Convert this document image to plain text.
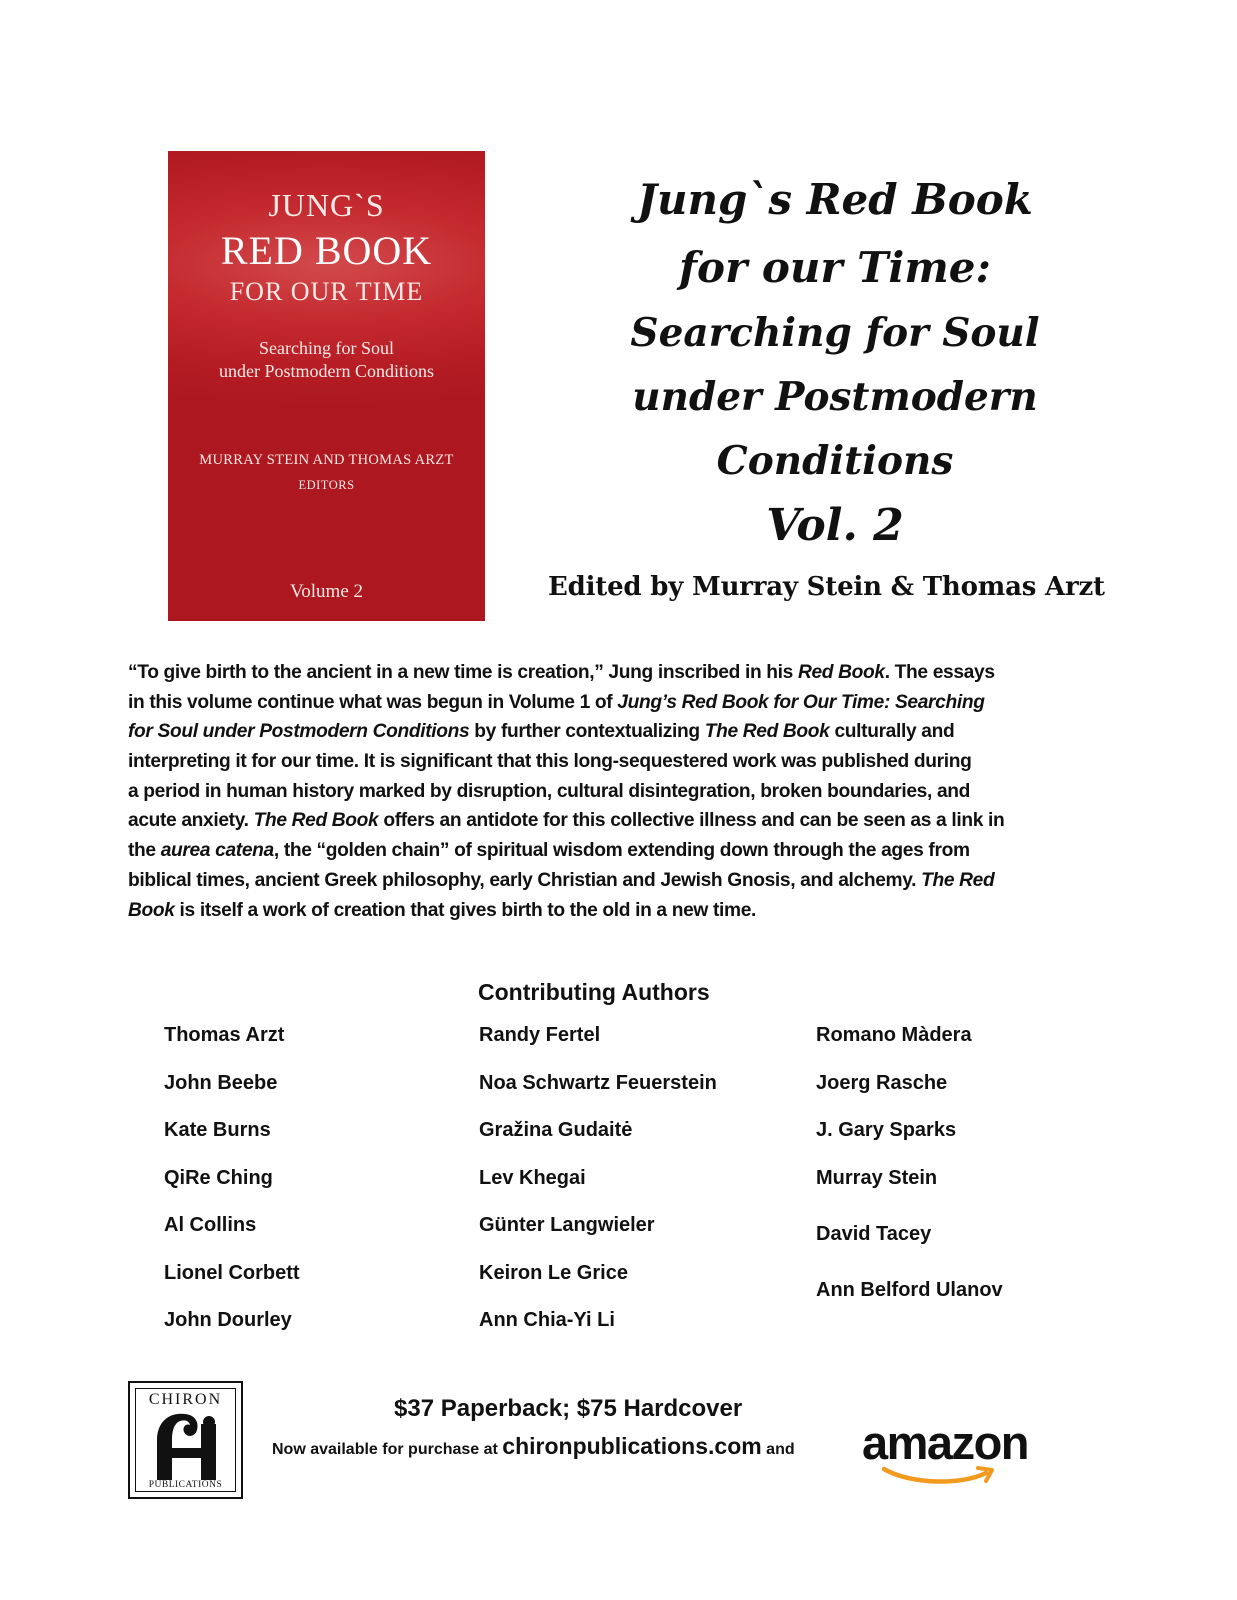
JUNG`S
RED BOOK
FOR OUR TIME
Searching for Soul
under Postmodern Conditions
MURRAY STEIN AND THOMAS ARZT
EDITORS
Volume 2
Jung`s Red Book
for our Time:
Searching for Soul
under Postmodern
Conditions
Vol. 2
Edited by Murray Stein & Thomas Arzt
“To give birth to the ancient in a new time is creation,” Jung inscribed in his Red Book. The essays
in this volume continue what was begun in Volume 1 of Jung’s Red Book for Our Time: Searching
for Soul under Postmodern Conditions by further contextualizing The Red Book culturally and
interpreting it for our time. It is significant that this long-sequestered work was published during
a period in human history marked by disruption, cultural disintegration, broken boundaries, and
acute anxiety. The Red Book offers an antidote for this collective illness and can be seen as a link in
the aurea catena, the “golden chain” of spiritual wisdom extending down through the ages from
biblical times, ancient Greek philosophy, early Christian and Jewish Gnosis, and alchemy. The Red
Book is itself a work of creation that gives birth to the old in a new time.
Contributing Authors
Thomas Arzt
John Beebe
Kate Burns
QiRe Ching
Al Collins
Lionel Corbett
John Dourley
Randy Fertel
Noa Schwartz Feuerstein
Gražina Gudaitė
Lev Khegai
Günter Langwieler
Keiron Le Grice
Ann Chia-Yi Li
Romano Màdera
Joerg Rasche
J. Gary Sparks
Murray Stein
David Tacey
Ann Belford Ulanov
CHIRON
PUBLICATIONS
$37 Paperback; $75 Hardcover
Now available for purchase at chironpublications.com and amazon
